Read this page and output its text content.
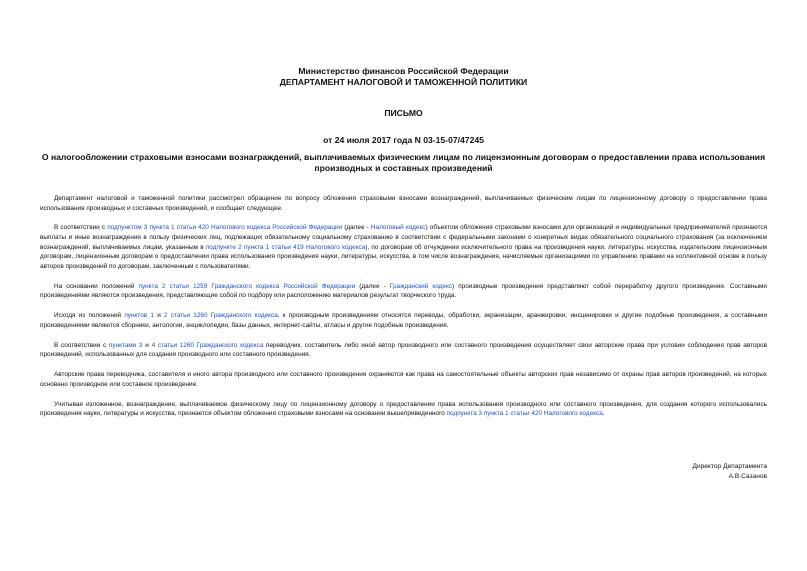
Министерство финансов Российской Федерации
ДЕПАРТАМЕНТ НАЛОГОВОЙ И ТАМОЖЕННОЙ ПОЛИТИКИ
ПИСЬМО
от 24 июля 2017 года N 03-15-07/47245
О налогообложении страховыми взносами вознаграждений, выплачиваемых физическим лицам по лицензионным договорам о предоставлении права использования производных и составных произведений

Департамент налоговой и таможенной политики рассмотрел обращение по вопросу обложения страховыми взносами вознаграждений, выплачиваемых физическим лицам по лицензионному договору о предоставлении права использования производных и составных произведений, и сообщает следующее.

В соответствии с подпунктом 3 пункта 1 статьи 420 Налогового кодекса Российской Федерации (далее - Налоговый кодекс) объектом обложения страховыми взносами для организаций и индивидуальных предпринимателей признаются выплаты и иные вознаграждения в пользу физических лиц, подлежащих обязательному социальному страхованию в соответствии с федеральными законами о конкретных видах обязательного социального страхования (за исключением вознаграждений, выплачиваемых лицам, указанным в подпункте 2 пункта 1 статьи 419 Налогового кодекса), по договорам об отчуждении исключительного права на произведения науки, литературы, искусства, издательским лицензионным договорам, лицензионным договорам о предоставлении права использования произведения науки, литературы, искусства, в том числе вознаграждения, начисляемые организациями по управлению правами на коллективной основе в пользу авторов произведений по договорам, заключенным с пользователями.

На основании положений пункта 2 статьи 1259 Гражданского кодекса Российской Федерации (далее - Гражданский кодекс) производные произведения представляют собой переработку другого произведения. Составными произведениями являются произведения, представляющие собой по подбору или расположению материалов результат творческого труда.

Исходя из положений пунктов 1 и 2 статьи 1260 Гражданского кодекса, к производным произведениям относятся переводы, обработки, экранизации, аранжировки, инсценировки и другие подобные произведения, а составными произведениями являются сборники, антологии, энциклопедии, базы данных, интернет-сайты, атласы и другие подобные произведения.

В соответствии с пунктами 3 и 4 статьи 1260 Гражданского кодекса переводчик, составитель либо иной автор производного или составного произведения осуществляет свои авторские права при условии соблюдения прав авторов произведений, использованных для создания производного или составного произведения.

Авторские права переводчика, составителя и иного автора производного или составного произведения охраняются как права на самостоятельные объекты авторских прав независимо от охраны прав авторов произведений, на которых основано производное или составное произведение.

Учитывая изложенное, вознаграждение, выплачиваемое физическому лицу по лицензионному договору о предоставлении права использования производного или составного произведения, для создания которого использовались произведения науки, литературы и искусства, признается объектом обложения страховыми взносами на основании вышеприведенного подпункта 3 пункта 1 статьи 420 Налогового кодекса.

Директор Департамента
А.В.Сазанов
